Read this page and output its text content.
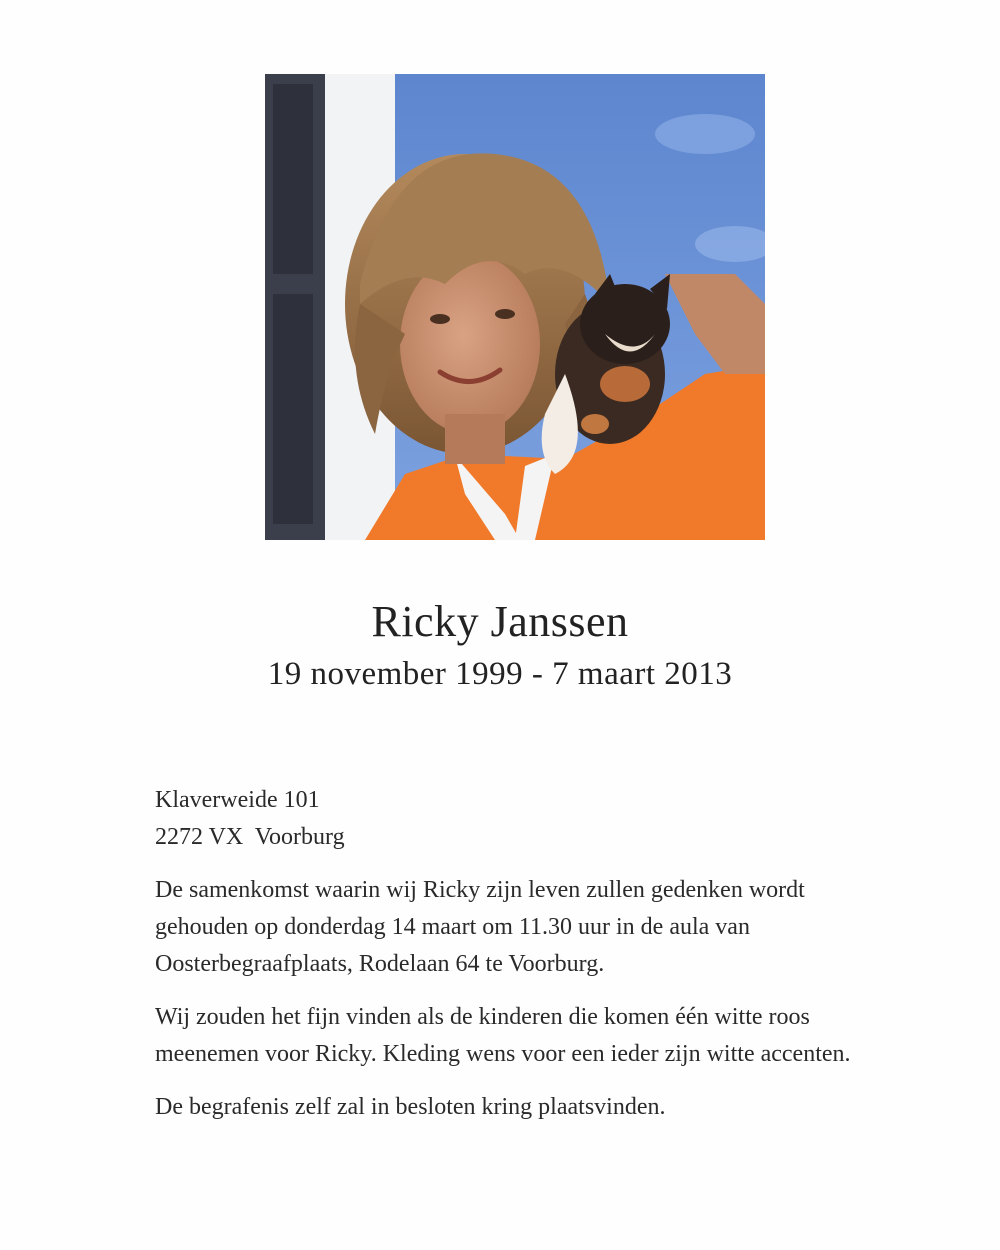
Ricky Janssen
19 november 1999 - 7 maart 2013

Klaverweide 101
2272 VX  Voorburg

De samenkomst waarin wij Ricky zijn leven zullen gedenken wordt gehouden op donderdag 14 maart om 11.30 uur in de aula van Oosterbegraafplaats, Rodelaan 64 te Voorburg.

Wij zouden het fijn vinden als de kinderen die komen één witte roos meenemen voor Ricky. Kleding wens voor een ieder zijn witte accenten.

De begrafenis zelf zal in besloten kring plaatsvinden.
